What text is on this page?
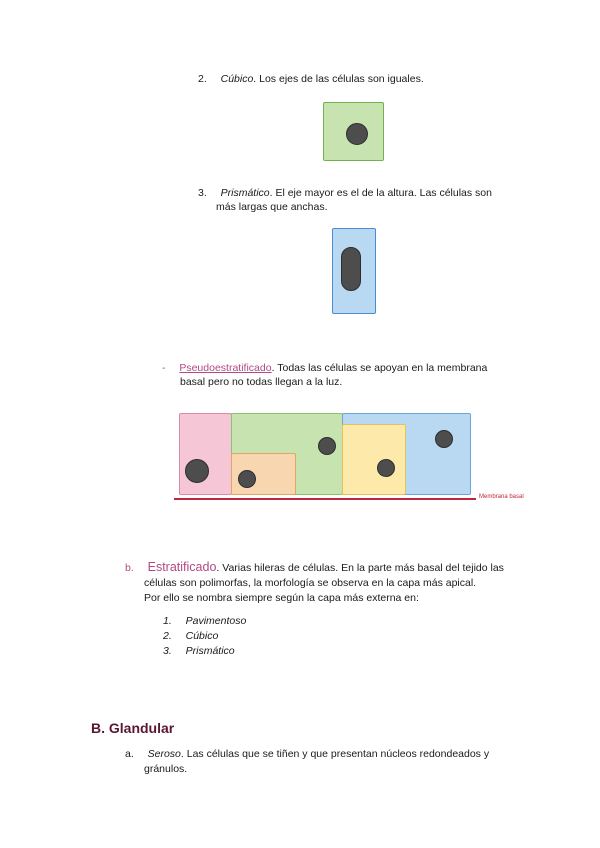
2. Cúbico. Los ejes de las células son iguales.
3. Prismático. El eje mayor es el de la altura. Las células son
más largas que anchas.
- Pseudoestratificado. Todas las células se apoyan en la membrana
basal pero no todas llegan a la luz.
Membrana basal
b. Estratificado. Varias hileras de células. En la parte más basal del tejido las
células son polimorfas, la morfología se observa en la capa más apical.
Por ello se nombra siempre según la capa más externa en:
1. Pavimentoso
2. Cúbico
3. Prismático
B. Glandular
a. Seroso. Las células que se tiñen y que presentan núcleos redondeados y
gránulos.
